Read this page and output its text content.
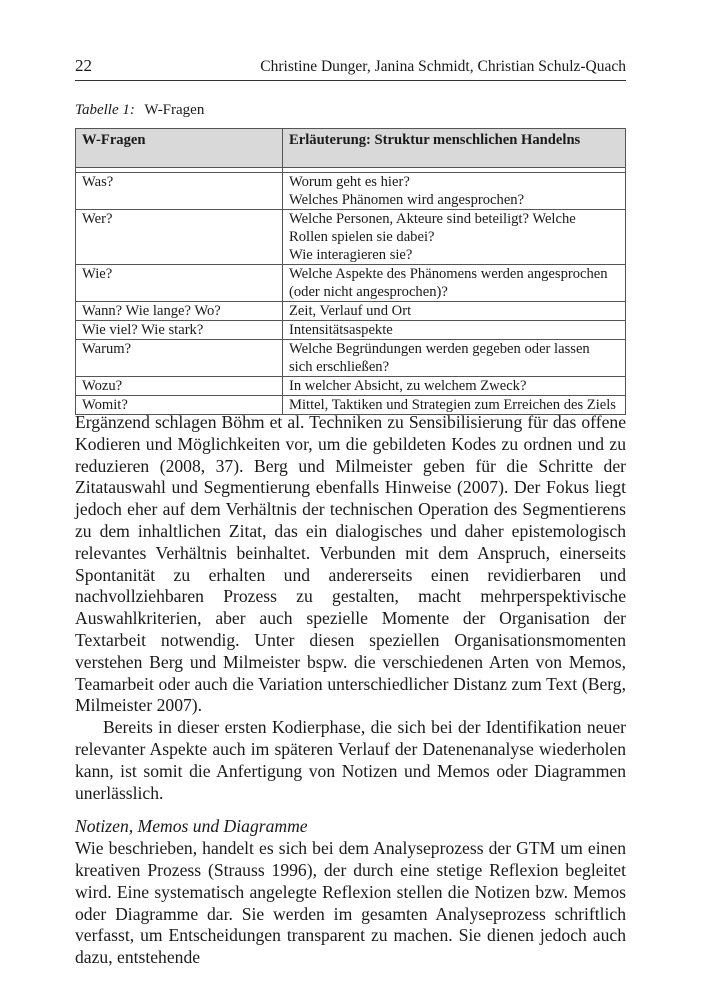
22	Christine Dunger, Janina Schmidt, Christian Schulz-Quach
Tabelle 1: W-Fragen
W-Fragen	Erläuterung: Struktur menschlichen Handelns

Was?	Worum geht es hier?
Welches Phänomen wird angesprochen?

Wer?	Welche Personen, Akteure sind beteiligt? Welche
Rollen spielen sie dabei?
Wie interagieren sie?

Wie?	Welche Aspekte des Phänomens werden angesprochen
(oder nicht angesprochen)?

Wann? Wie lange? Wo?	Zeit, Verlauf und Ort

Wie viel? Wie stark?	Intensitätsaspekte

Warum?	Welche Begründungen werden gegeben oder lassen
sich erschließen?

Wozu?	In welcher Absicht, zu welchem Zweck?

Womit?	Mittel, Taktiken und Strategien zum Erreichen des Ziels

Ergänzend schlagen Böhm et al. Techniken zu Sensibilisierung für das offene Kodieren und Möglichkeiten vor, um die gebildeten Kodes zu ordnen und zu reduzieren (2008, 37). Berg und Milmeister geben für die Schritte der Zitatauswahl und Segmentierung ebenfalls Hinweise (2007). Der Fokus liegt jedoch eher auf dem Verhältnis der technischen Operation des Segmentierens zu dem inhaltlichen Zitat, das ein dialogisches und daher epistemologisch relevantes Verhältnis beinhaltet. Verbunden mit dem Anspruch, einerseits Spontanität zu erhalten und andererseits einen revidierbaren und nachvollziehbaren Prozess zu gestalten, macht mehrperspektivische Auswahlkriterien, aber auch spezielle Momente der Organisation der Textarbeit notwendig. Unter diesen speziellen Organisationsmomenten verstehen Berg und Milmeister bspw. die verschiedenen Arten von Memos, Teamarbeit oder auch die Variation unterschiedlicher Distanz zum Text (Berg, Milmeister 2007).

Bereits in dieser ersten Kodierphase, die sich bei der Identifikation neuer relevanter Aspekte auch im späteren Verlauf der Datenenanalyse wiederholen kann, ist somit die Anfertigung von Notizen und Memos oder Diagrammen unerlässlich.

Notizen, Memos und Diagramme

Wie beschrieben, handelt es sich bei dem Analyseprozess der GTM um einen kreativen Prozess (Strauss 1996), der durch eine stetige Reflexion begleitet wird. Eine systematisch angelegte Reflexion stellen die Notizen bzw. Memos oder Diagramme dar. Sie werden im gesamten Analyseprozess schriftlich verfasst, um Entscheidungen transparent zu machen. Sie dienen jedoch auch dazu, entstehende
